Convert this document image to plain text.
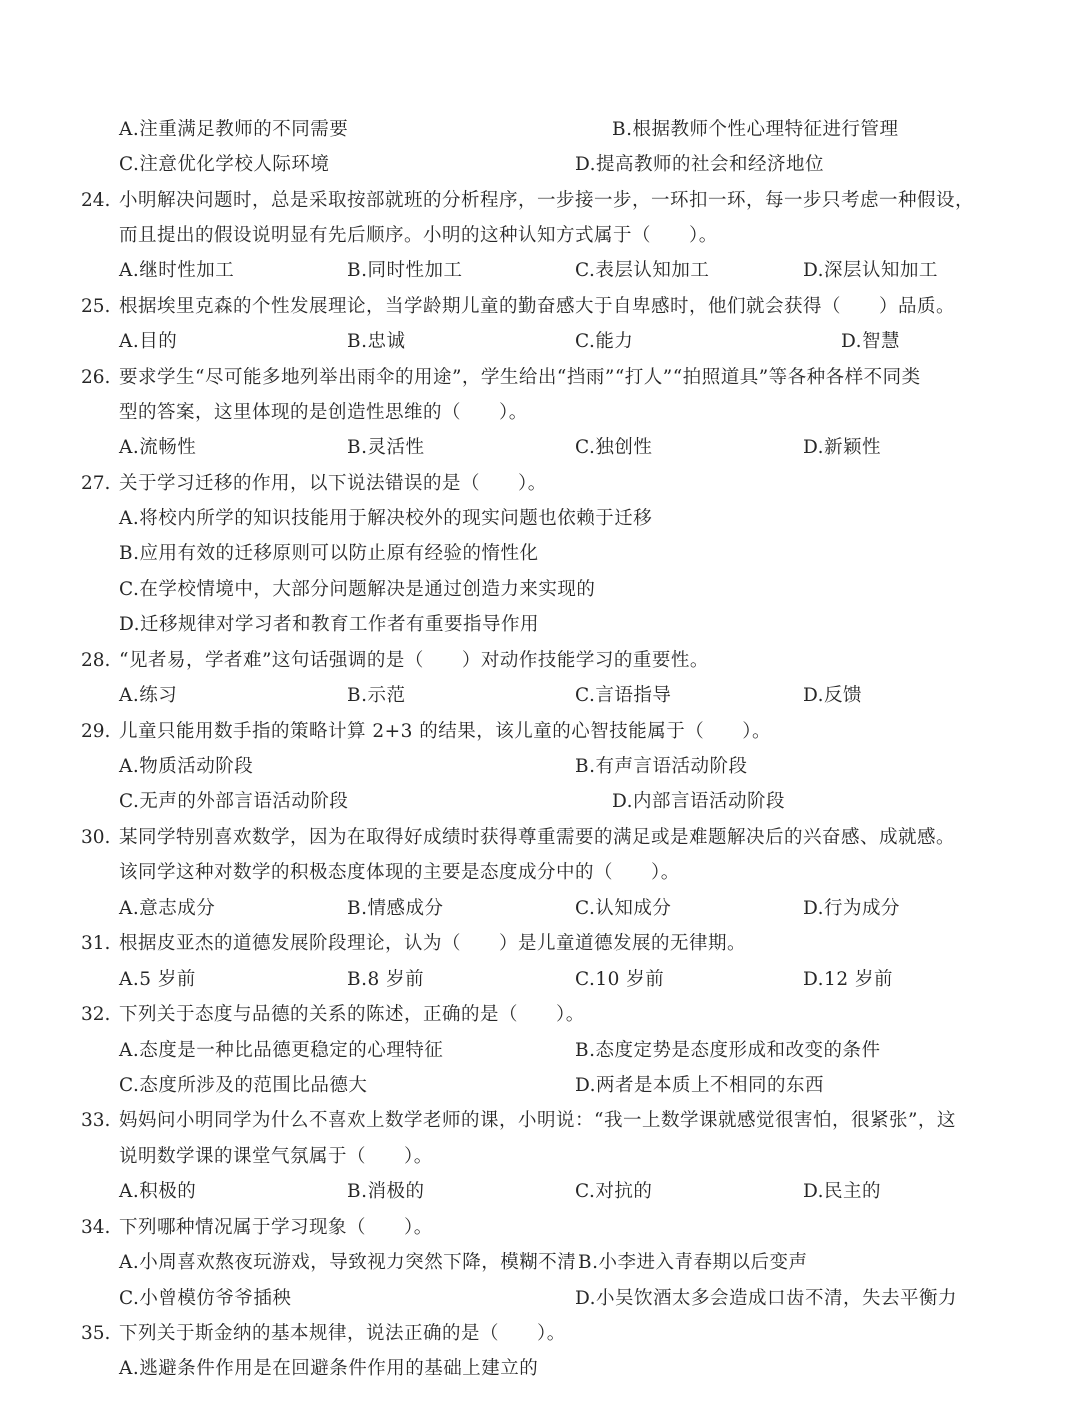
A.注重满足教师的不同需要	B.根据教师个性心理特征进行管理
C.注意优化学校人际环境	D.提高教师的社会和经济地位
24. 小明解决问题时，总是采取按部就班的分析程序，一步接一步，一环扣一环，每一步只考虑一种假设，
而且提出的假设说明显有先后顺序。小明的这种认知方式属于（　　）。
A.继时性加工	B.同时性加工	C.表层认知加工	D.深层认知加工
25. 根据埃里克森的个性发展理论，当学龄期儿童的勤奋感大于自卑感时，他们就会获得（　　）品质。
A.目的	B.忠诚	C.能力	D.智慧
26. 要求学生“尽可能多地列举出雨伞的用途”，学生给出“挡雨”“打人”“拍照道具”等各种各样不同类
型的答案，这里体现的是创造性思维的（　　）。
A.流畅性	B.灵活性	C.独创性	D.新颖性
27. 关于学习迁移的作用，以下说法错误的是（　　）。
A.将校内所学的知识技能用于解决校外的现实问题也依赖于迁移
B.应用有效的迁移原则可以防止原有经验的惰性化
C.在学校情境中，大部分问题解决是通过创造力来实现的
D.迁移规律对学习者和教育工作者有重要指导作用
28. “见者易，学者难”这句话强调的是（　　）对动作技能学习的重要性。
A.练习	B.示范	C.言语指导	D.反馈
29. 儿童只能用数手指的策略计算 2+3 的结果，该儿童的心智技能属于（　　）。
A.物质活动阶段	B.有声言语活动阶段
C.无声的外部言语活动阶段	D.内部言语活动阶段
30. 某同学特别喜欢数学，因为在取得好成绩时获得尊重需要的满足或是难题解决后的兴奋感、成就感。
该同学这种对数学的积极态度体现的主要是态度成分中的（　　）。
A.意志成分	B.情感成分	C.认知成分	D.行为成分
31. 根据皮亚杰的道德发展阶段理论，认为（　　）是儿童道德发展的无律期。
A.5 岁前	B.8 岁前	C.10 岁前	D.12 岁前
32. 下列关于态度与品德的关系的陈述，正确的是（　　）。
A.态度是一种比品德更稳定的心理特征	B.态度定势是态度形成和改变的条件
C.态度所涉及的范围比品德大	D.两者是本质上不相同的东西
33. 妈妈问小明同学为什么不喜欢上数学老师的课，小明说：“我一上数学课就感觉很害怕，很紧张”，这
说明数学课的课堂气氛属于（　　）。
A.积极的	B.消极的	C.对抗的	D.民主的
34. 下列哪种情况属于学习现象（　　）。
A.小周喜欢熬夜玩游戏，导致视力突然下降，模糊不清 B.小李进入青春期以后变声
C.小曾模仿爷爷插秧	D.小吴饮酒太多会造成口齿不清，失去平衡力
35. 下列关于斯金纳的基本规律，说法正确的是（　　）。
A.逃避条件作用是在回避条件作用的基础上建立的
